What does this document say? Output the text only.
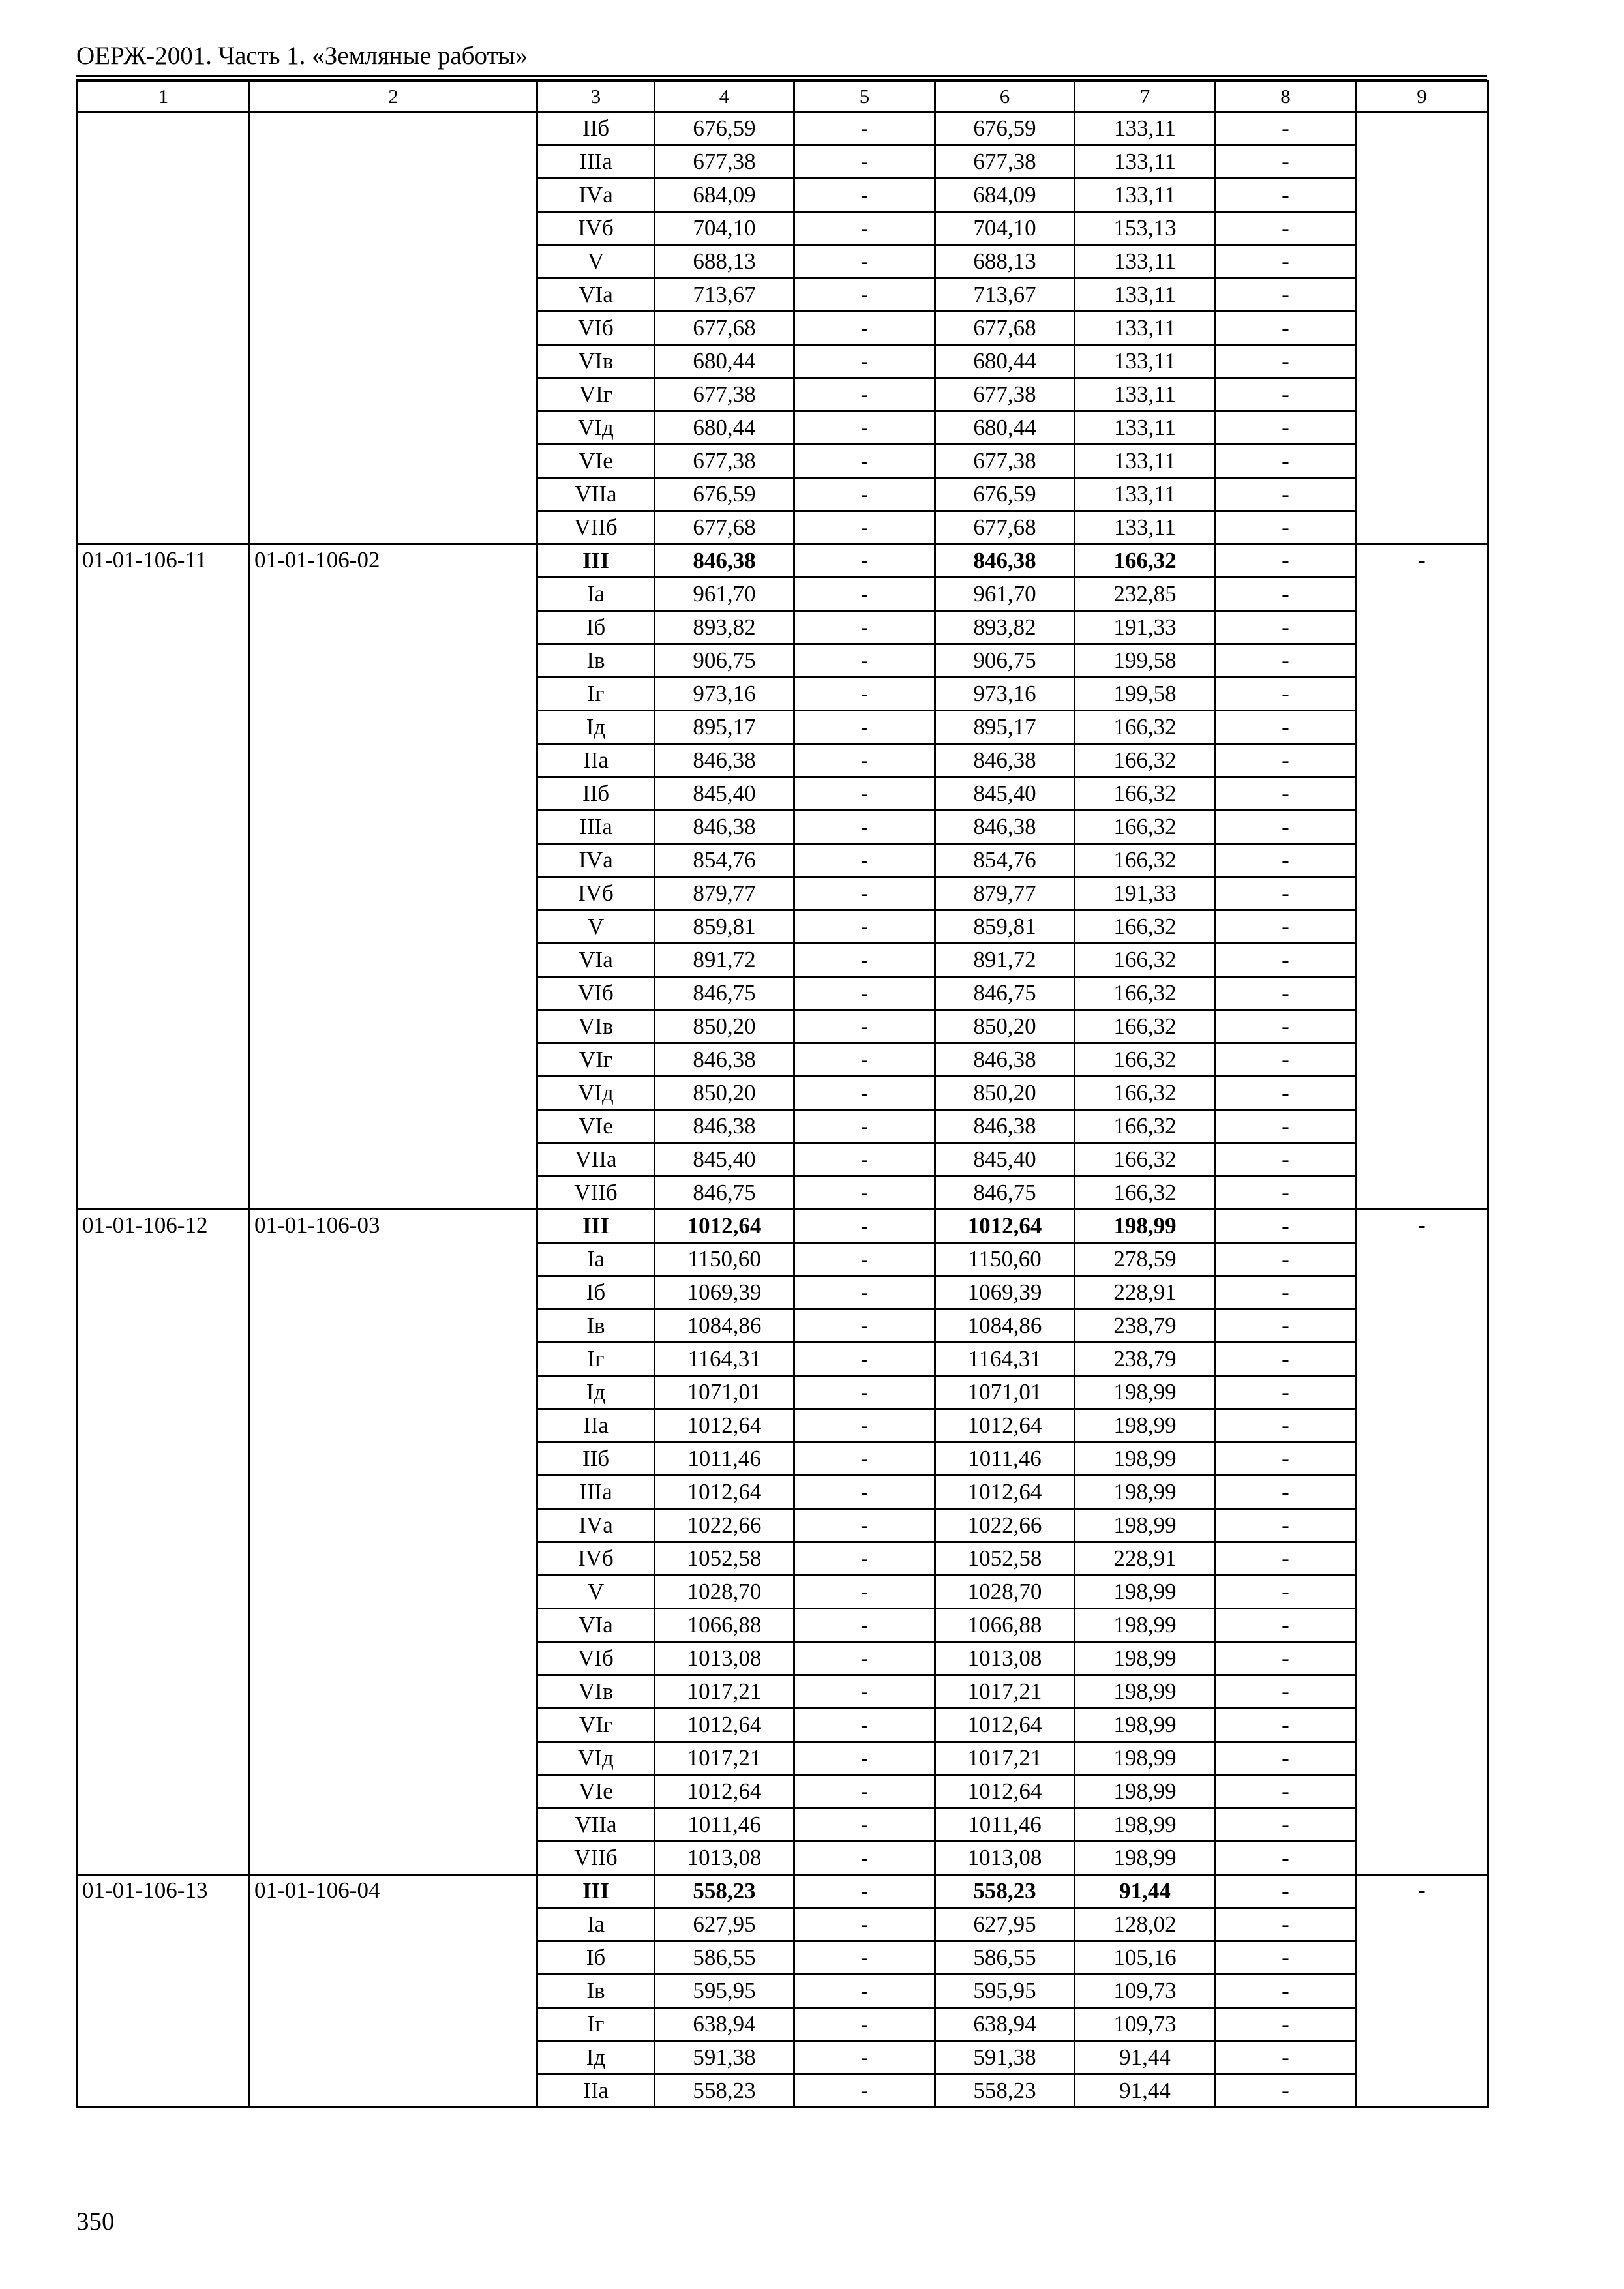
ОЕРЖ-2001. Часть 1. «Земляные работы»
1	2	3	4	5	6	7	8	9
		IIб	676,59	-	676,59	133,11	-	
		IIIа	677,38	-	677,38	133,11	-	
		IVа	684,09	-	684,09	133,11	-	
		IVб	704,10	-	704,10	153,13	-	
		V	688,13	-	688,13	133,11	-	
		VIа	713,67	-	713,67	133,11	-	
		VIб	677,68	-	677,68	133,11	-	
		VIв	680,44	-	680,44	133,11	-	
		VIг	677,38	-	677,38	133,11	-	
		VIд	680,44	-	680,44	133,11	-	
		VIе	677,38	-	677,38	133,11	-	
		VIIа	676,59	-	676,59	133,11	-	
		VIIб	677,68	-	677,68	133,11	-	
01-01-106-11	01-01-106-02	III	846,38	-	846,38	166,32	-	-
		Iа	961,70	-	961,70	232,85	-	
		Iб	893,82	-	893,82	191,33	-	
		Iв	906,75	-	906,75	199,58	-	
		Iг	973,16	-	973,16	199,58	-	
		Iд	895,17	-	895,17	166,32	-	
		IIа	846,38	-	846,38	166,32	-	
		IIб	845,40	-	845,40	166,32	-	
		IIIа	846,38	-	846,38	166,32	-	
		IVа	854,76	-	854,76	166,32	-	
		IVб	879,77	-	879,77	191,33	-	
		V	859,81	-	859,81	166,32	-	
		VIа	891,72	-	891,72	166,32	-	
		VIб	846,75	-	846,75	166,32	-	
		VIв	850,20	-	850,20	166,32	-	
		VIг	846,38	-	846,38	166,32	-	
		VIд	850,20	-	850,20	166,32	-	
		VIе	846,38	-	846,38	166,32	-	
		VIIа	845,40	-	845,40	166,32	-	
		VIIб	846,75	-	846,75	166,32	-	
01-01-106-12	01-01-106-03	III	1012,64	-	1012,64	198,99	-	-
		Iа	1150,60	-	1150,60	278,59	-	
		Iб	1069,39	-	1069,39	228,91	-	
		Iв	1084,86	-	1084,86	238,79	-	
		Iг	1164,31	-	1164,31	238,79	-	
		Iд	1071,01	-	1071,01	198,99	-	
		IIа	1012,64	-	1012,64	198,99	-	
		IIб	1011,46	-	1011,46	198,99	-	
		IIIа	1012,64	-	1012,64	198,99	-	
		IVа	1022,66	-	1022,66	198,99	-	
		IVб	1052,58	-	1052,58	228,91	-	
		V	1028,70	-	1028,70	198,99	-	
		VIа	1066,88	-	1066,88	198,99	-	
		VIб	1013,08	-	1013,08	198,99	-	
		VIв	1017,21	-	1017,21	198,99	-	
		VIг	1012,64	-	1012,64	198,99	-	
		VIд	1017,21	-	1017,21	198,99	-	
		VIе	1012,64	-	1012,64	198,99	-	
		VIIа	1011,46	-	1011,46	198,99	-	
		VIIб	1013,08	-	1013,08	198,99	-	
01-01-106-13	01-01-106-04	III	558,23	-	558,23	91,44	-	-
		Iа	627,95	-	627,95	128,02	-	
		Iб	586,55	-	586,55	105,16	-	
		Iв	595,95	-	595,95	109,73	-	
		Iг	638,94	-	638,94	109,73	-	
		Iд	591,38	-	591,38	91,44	-	
		IIа	558,23	-	558,23	91,44	-	
350
